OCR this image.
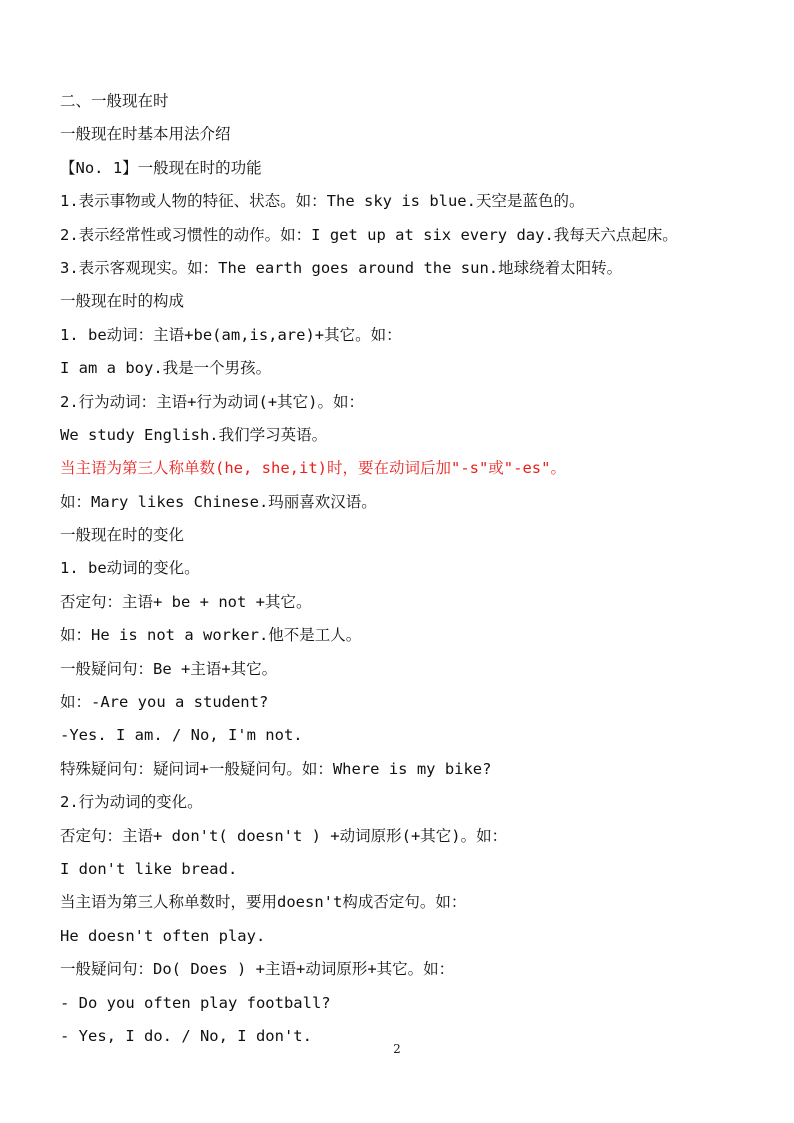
二、一般现在时
一般现在时基本用法介绍
【No. 1】一般现在时的功能
1.表示事物或人物的特征、状态。如：The sky is blue.天空是蓝色的。
2.表示经常性或习惯性的动作。如：I get up at six every day.我每天六点起床。
3.表示客观现实。如：The earth goes around the sun.地球绕着太阳转。
一般现在时的构成
1. be动词：主语+be(am,is,are)+其它。如：
I am a boy.我是一个男孩。
2.行为动词：主语+行为动词(+其它)。如：
We study English.我们学习英语。
当主语为第三人称单数(he, she,it)时，要在动词后加"-s"或"-es"。
如：Mary likes Chinese.玛丽喜欢汉语。
一般现在时的变化
1. be动词的变化。
否定句：主语+ be + not +其它。
如：He is not a worker.他不是工人。
一般疑问句：Be +主语+其它。
如：-Are you a student?
-Yes. I am. / No, I'm not.
特殊疑问句：疑问词+一般疑问句。如：Where is my bike?
2.行为动词的变化。
否定句：主语+ don't( doesn't ) +动词原形(+其它)。如：
I don't like bread.
当主语为第三人称单数时，要用doesn't构成否定句。如：
He doesn't often play.
一般疑问句：Do( Does ) +主语+动词原形+其它。如：
- Do you often play football?
- Yes, I do. / No, I don't.
2
